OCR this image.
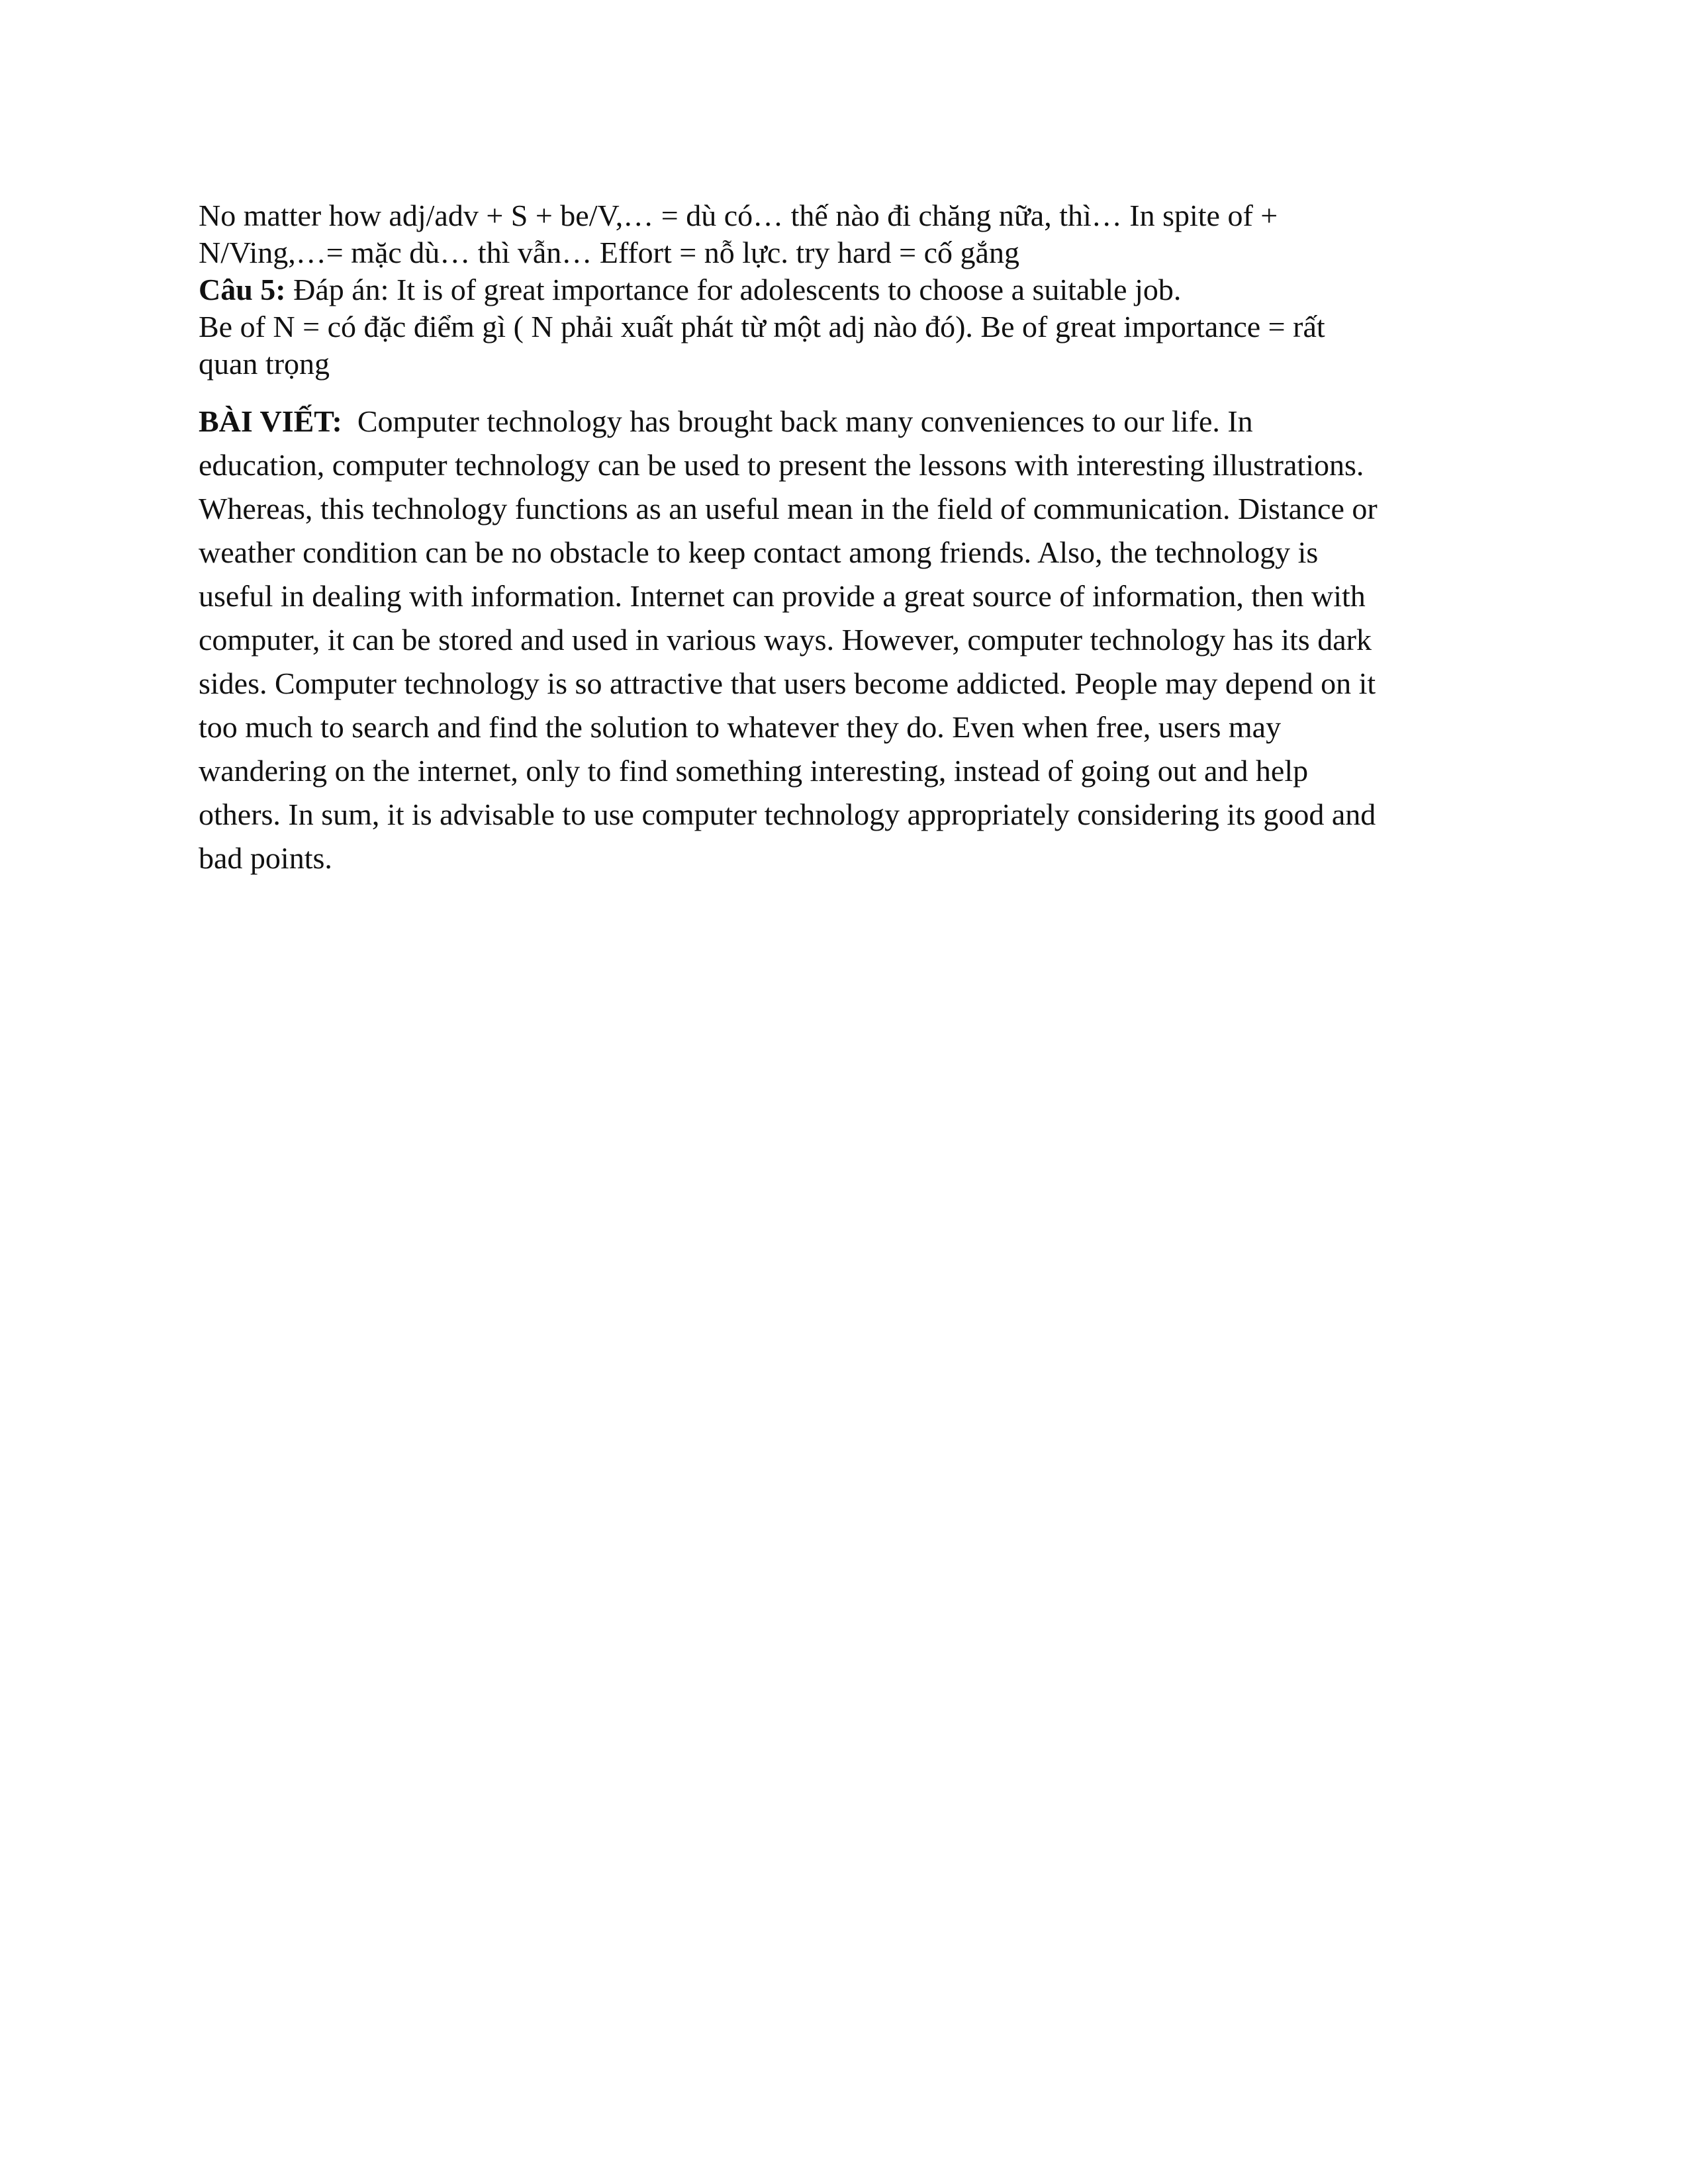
No matter how adj/adv + S + be/V,… = dù có… thế nào đi chăng nữa, thì… In spite of +
N/Ving,…= mặc dù… thì vẫn… Effort = nỗ lực. try hard = cố gắng
Câu 5: Đáp án: It is of great importance for adolescents to choose a suitable job.
Be of N = có đặc điểm gì ( N phải xuất phát từ một adj nào đó). Be of great importance = rất
quan trọng
BÀI VIẾT: Computer technology has brought back many conveniences to our life. In
education, computer technology can be used to present the lessons with interesting illustrations.
Whereas, this technology functions as an useful mean in the field of communication. Distance or
weather condition can be no obstacle to keep contact among friends. Also, the technology is
useful in dealing with information. Internet can provide a great source of information, then with
computer, it can be stored and used in various ways. However, computer technology has its dark
sides. Computer technology is so attractive that users become addicted. People may depend on it
too much to search and find the solution to whatever they do. Even when free, users may
wandering on the internet, only to find something interesting, instead of going out and help
others. In sum, it is advisable to use computer technology appropriately considering its good and
bad points.
